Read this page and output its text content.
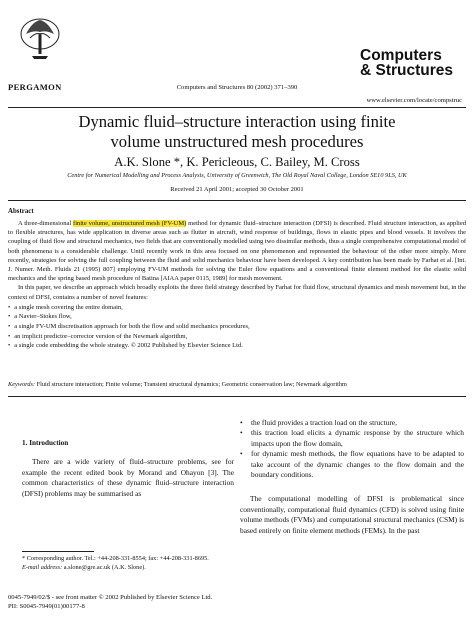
PERGAMON	Computers and Structures 80 (2002) 371–390
Computers
& Structures
www.elsevier.com/locate/compstruc
Dynamic fluid–structure interaction using finite
volume unstructured mesh procedures
A.K. Slone *, K. Pericleous, C. Bailey, M. Cross
Centre for Numerical Modelling and Process Analysis, University of Greenwich, The Old Royal Naval College, London SE10 9LS, UK
Received 21 April 2001; accepted 30 October 2001
Abstract

A three-dimensional finite volume, unstructured mesh (FV-UM) method for dynamic fluid–structure interaction (DFSI) is described. Fluid structure interaction, as applied to flexible structures, has wide application in diverse areas such as flutter in aircraft, wind response of buildings, flows in elastic pipes and blood vessels. It involves the coupling of fluid flow and structural mechanics, two fields that are conventionally modelled using two dissimilar methods, thus a single comprehensive computational model of both phenomena is a considerable challenge. Until recently work in this area focused on one phenomenon and represented the behaviour of the other more simply. More recently, strategies for solving the full coupling between the fluid and solid mechanics behaviour have been developed. A key contribution has been made by Farhat et al. [Int. J. Numer. Meth. Fluids 21 (1995) 807] employing FV-UM methods for solving the Euler flow equations and a conventional finite element method for the elastic solid mechanics and the spring based mesh procedure of Batina [AIAA paper 0115, 1989] for mesh movement.

In this paper, we describe an approach which broadly exploits the three field strategy described by Farhat for fluid flow, structural dynamics and mesh movement but, in the context of DFSI, contains a number of novel features:

• a single mesh covering the entire domain,
• a Navier–Stokes flow,
• a single FV-UM discretisation approach for both the flow and solid mechanics procedures,
• an implicit predictor–corrector version of the Newmark algorithm,
• a single code embedding the whole strategy. © 2002 Published by Elsevier Science Ltd.
Keywords: Fluid structure interaction; Finite volume; Transient structural dynamics; Geometric conservation law; Newmark algorithm
1. Introduction

There are a wide variety of fluid–structure problems, see for example the recent edited book by Morand and Ohayon [3]. The common characteristics of these dynamic fluid–structure interaction (DFSI) problems may be summarised as

• the fluid provides a traction load on the structure,
• this traction load elicits a dynamic response by the structure which impacts upon the flow domain,
• for dynamic mesh methods, the flow equations have to be adapted to take account of the dynamic changes to the flow domain and the boundary conditions.

The computational modelling of DFSI is problematical since conventionally, computational fluid dynamics (CFD) is solved using finite volume methods (FVMs) and computational structural mechanics (CSM) is based entirely on finite element methods (FEMs). In the past

* Corresponding author. Tel.: +44-208-331-8554; fax: +44-208-331-8695.
E-mail address: a.slone@gre.ac.uk (A.K. Slone).
0045-7949/02/$ - see front matter © 2002 Published by Elsevier Science Ltd.
PII: S0045-7949(01)00177-8
